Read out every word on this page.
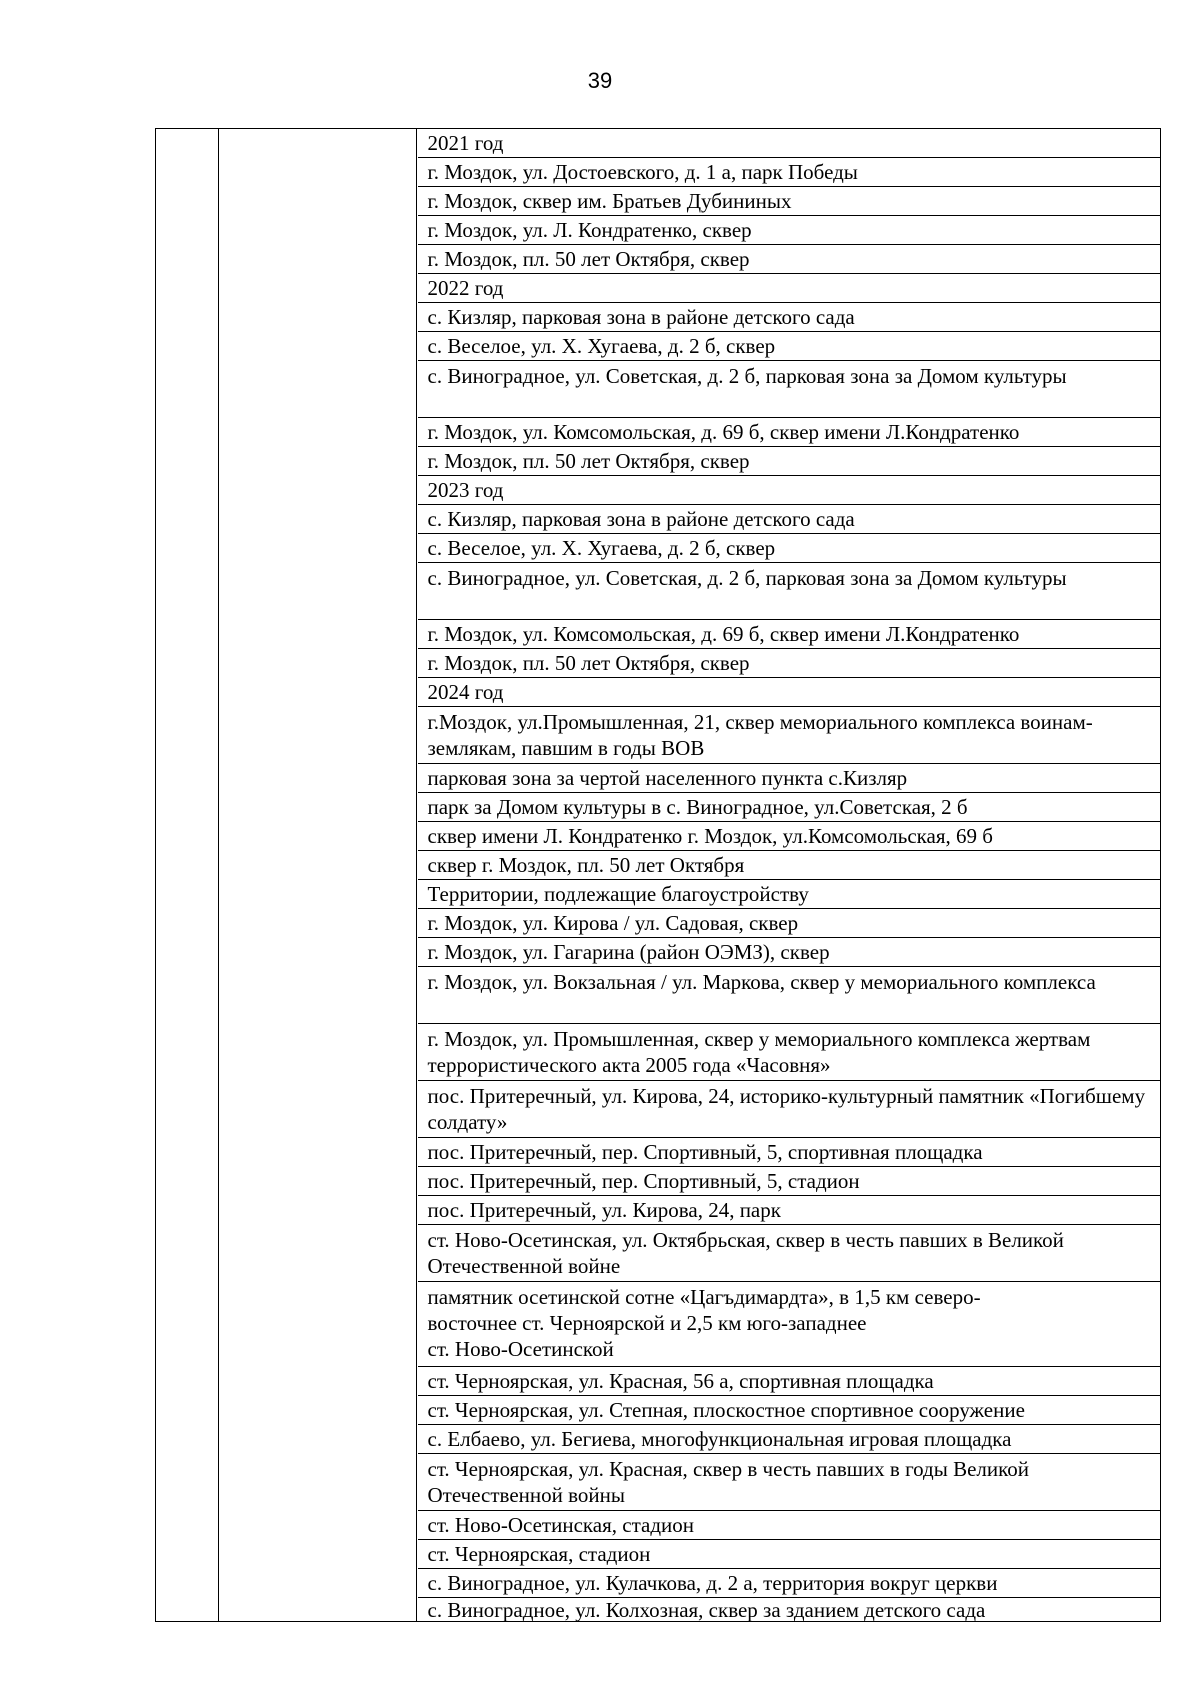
39
2021 год
г. Моздок, ул. Достоевского, д. 1 а, парк Победы
г. Моздок, сквер им. Братьев Дубининых
г. Моздок, ул. Л. Кондратенко, сквер
г. Моздок, пл. 50 лет Октября, сквер
2022 год
с. Кизляр, парковая зона в районе детского сада
с. Веселое, ул. Х. Хугаева, д. 2 б, сквер
с. Виноградное, ул. Советская, д. 2 б, парковая зона за Домом культуры
г. Моздок, ул. Комсомольская, д. 69 б, сквер имени Л.Кондратенко
г. Моздок, пл. 50 лет Октября, сквер
2023 год
с. Кизляр, парковая зона в районе детского сада
с. Веселое, ул. Х. Хугаева, д. 2 б, сквер
с. Виноградное, ул. Советская, д. 2 б, парковая зона за Домом культуры
г. Моздок, ул. Комсомольская, д. 69 б, сквер имени Л.Кондратенко
г. Моздок, пл. 50 лет Октября, сквер
2024 год
г.Моздок, ул.Промышленная, 21, сквер мемориального комплекса воинам-землякам, павшим в годы ВОВ
парковая зона за чертой населенного пункта с.Кизляр
парк за Домом культуры в с. Виноградное, ул.Советская, 2 б
сквер имени Л. Кондратенко г. Моздок, ул.Комсомольская, 69 б
сквер г. Моздок, пл. 50 лет Октября
Территории, подлежащие благоустройству
г. Моздок, ул. Кирова / ул. Садовая, сквер
г. Моздок, ул. Гагарина (район ОЭМЗ), сквер
г. Моздок, ул. Вокзальная / ул. Маркова, сквер у мемориального комплекса
г. Моздок, ул. Промышленная, сквер у мемориального комплекса жертвам террористического акта 2005 года «Часовня»
пос. Притеречный, ул. Кирова, 24, историко-культурный памятник «Погибшему солдату»
пос. Притеречный, пер. Спортивный, 5, спортивная площадка
пос. Притеречный, пер. Спортивный, 5, стадион
пос. Притеречный, ул. Кирова, 24, парк
ст. Ново-Осетинская, ул. Октябрьская, сквер в честь павших в Великой Отечественной войне
памятник осетинской сотне «Цагъдимардта», в 1,5 км северо-
восточнее ст. Черноярской и 2,5 км юго-западнее
ст. Ново-Осетинской
ст. Черноярская, ул. Красная, 56 а, спортивная площадка
ст. Черноярская, ул. Степная, плоскостное спортивное сооружение
с. Елбаево, ул. Бегиева, многофункциональная игровая площадка
ст. Черноярская, ул. Красная, сквер в честь павших в годы Великой Отечественной войны
ст. Ново-Осетинская, стадион
ст. Черноярская, стадион
с. Виноградное, ул. Кулачкова, д. 2 а, территория вокруг церкви
с. Виноградное, ул. Колхозная, сквер за зданием детского сада
